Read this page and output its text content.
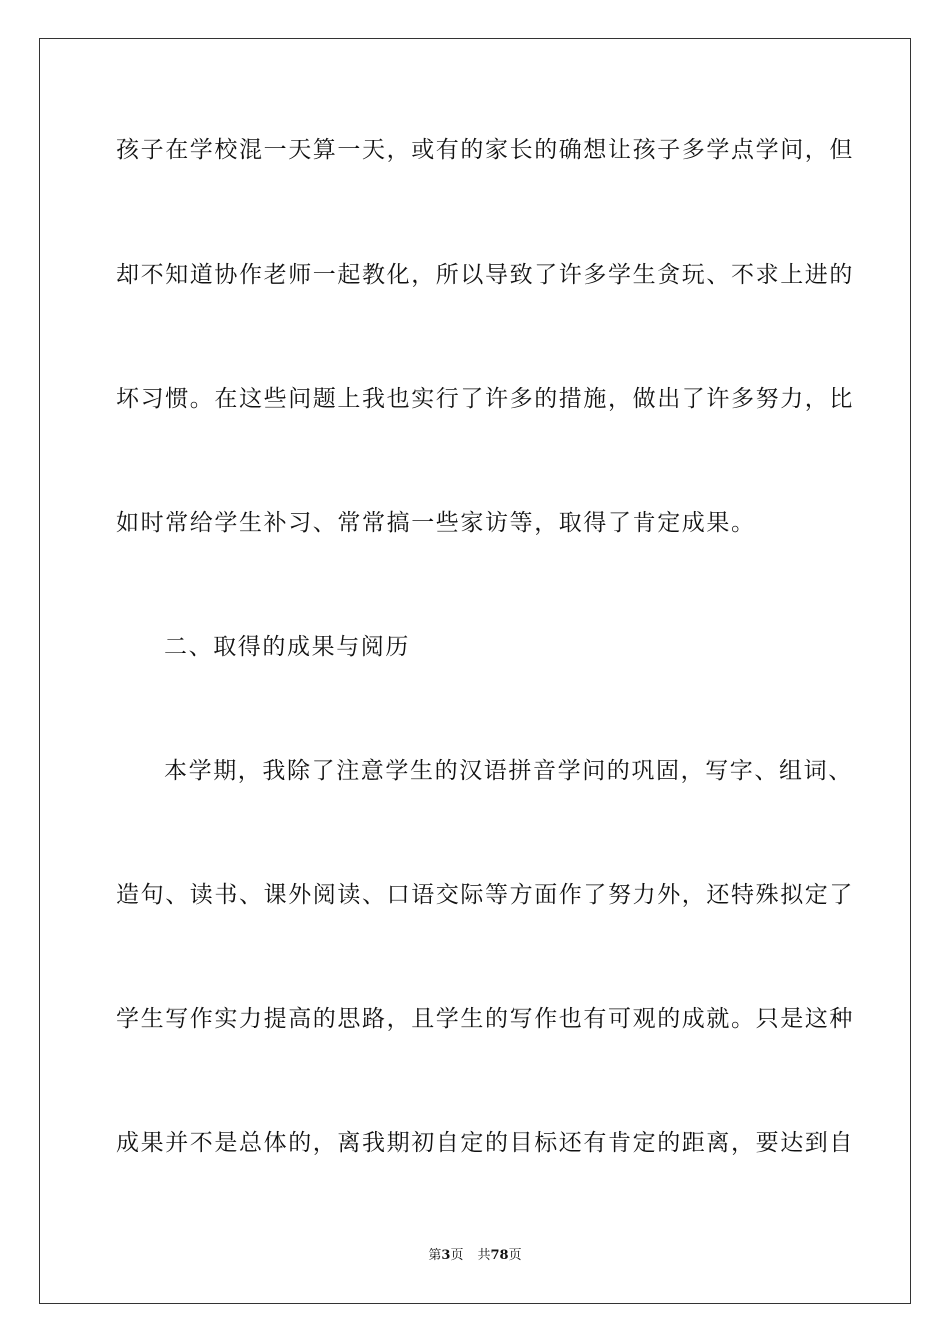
孩子在学校混一天算一天，或有的家长的确想让孩子多学点学问，但
却不知道协作老师一起教化，所以导致了许多学生贪玩、不求上进的
坏习惯。在这些问题上我也实行了许多的措施，做出了许多努力，比
如时常给学生补习、常常搞一些家访等，取得了肯定成果。
二、取得的成果与阅历
本学期，我除了注意学生的汉语拼音学问的巩固，写字、组词、
造句、读书、课外阅读、口语交际等方面作了努力外，还特殊拟定了
学生写作实力提高的思路，且学生的写作也有可观的成就。只是这种
成果并不是总体的，离我期初自定的目标还有肯定的距离，要达到自
第3页 共78页
